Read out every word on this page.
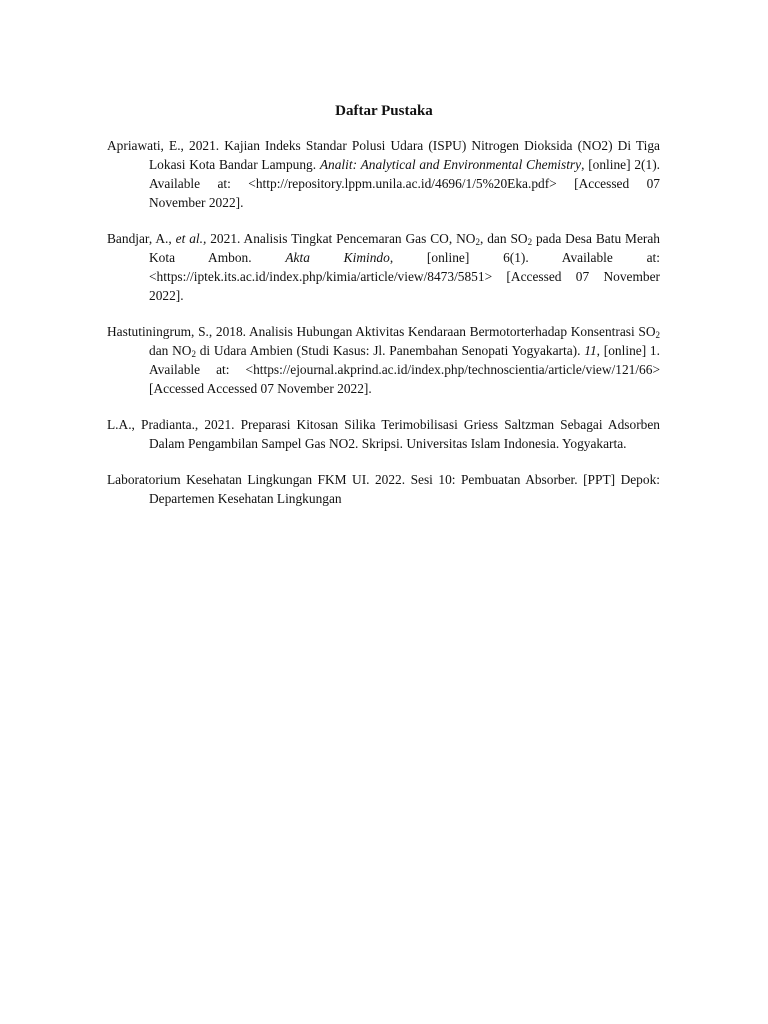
Daftar Pustaka

Apriawati, E., 2021. Kajian Indeks Standar Polusi Udara (ISPU) Nitrogen Dioksida (NO2) Di Tiga Lokasi Kota Bandar Lampung. Analit: Analytical and Environmental Chemistry, [online] 2(1). Available at: <http://repository.lppm.unila.ac.id/4696/1/5%20Eka.pdf> [Accessed 07 November 2022].

Bandjar, A., et al., 2021. Analisis Tingkat Pencemaran Gas CO, $NO_2$, dan $SO_2$ pada Desa Batu Merah Kota Ambon.	Akta Kimindo, [online] 6(1). Available at: <https://iptek.its.ac.id/index.php/kimia/article/view/8473/5851> [Accessed 07 November 2022].

Hastutiningrum, S., 2018. Analisis Hubungan Aktivitas Kendaraan Bermotorterhadap Konsentrasi $SO_2$ dan $NO_2$ di Udara Ambien (Studi Kasus: Jl. Panembahan Senopati Yogyakarta). 11, [online] 1. Available at: <https://ejournal.akprind.ac.id/index.php/technoscientia/article/view/121/66> [Accessed Accessed 07 November 2022].

L.A., Pradianta., 2021. Preparasi Kitosan Silika Terimobilisasi Griess Saltzman Sebagai Adsorben Dalam Pengambilan Sampel Gas NO2. Skripsi. Universitas Islam Indonesia. Yogyakarta.

Laboratorium Kesehatan Lingkungan FKM UI. 2022. Sesi 10: Pembuatan Absorber. [PPT] Depok: Departemen Kesehatan Lingkungan
